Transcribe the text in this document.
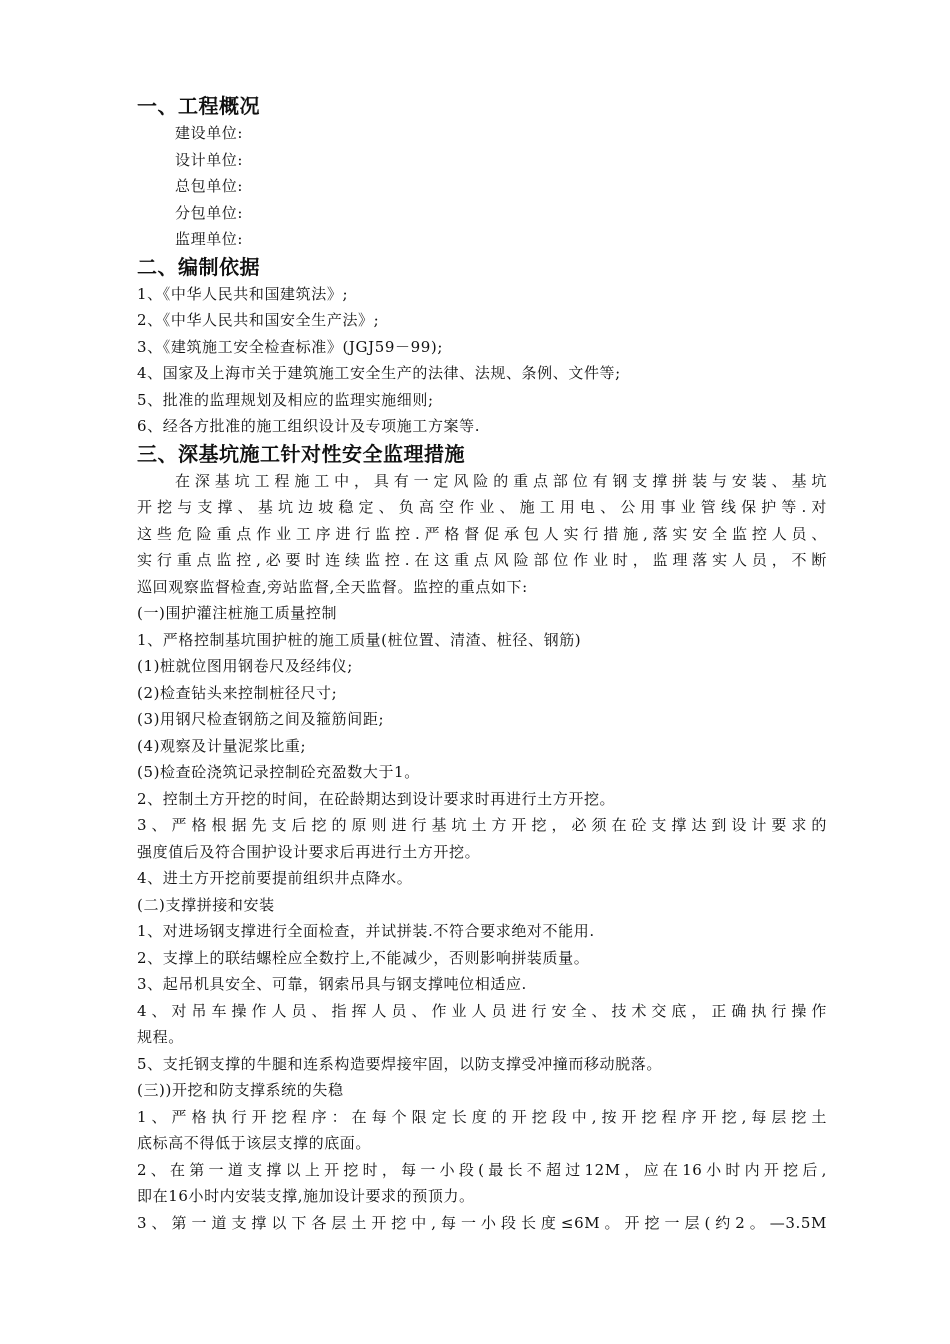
一、工程概况
建设单位:
设计单位:
总包单位:
分包单位:
监理单位:
二、编制依据
1、《中华人民共和国建筑法》;
2、《中华人民共和国安全生产法》;
3、《建筑施工安全检查标准》(JGJ59－99);
4、国家及上海市关于建筑施工安全生产的法律、法规、条例、文件等;
5、批准的监理规划及相应的监理实施细则;
6、经各方批准的施工组织设计及专项施工方案等.
三、深基坑施工针对性安全监理措施
在深基坑工程施工中，具有一定风险的重点部位有钢支撑拼装与安装、基坑
开挖与支撑、基坑边坡稳定、负高空作业、施工用电、公用事业管线保护等.对
这些危险重点作业工序进行监控.严格督促承包人实行措施,落实安全监控人员、
实行重点监控,必要时连续监控.在这重点风险部位作业时，监理落实人员，不断
巡回观察监督检查,旁站监督,全天监督。监控的重点如下:
(一)围护灌注桩施工质量控制
1、严格控制基坑围护桩的施工质量(桩位置、清渣、桩径、钢筋)
(1)桩就位图用钢卷尺及经纬仪;
(2)检查钻头来控制桩径尺寸;
(3)用钢尺检查钢筋之间及箍筋间距;
(4)观察及计量泥浆比重;
(5)检查砼浇筑记录控制砼充盈数大于1。
2、控制土方开挖的时间，在砼龄期达到设计要求时再进行土方开挖。
3、严格根据先支后挖的原则进行基坑土方开挖，必须在砼支撑达到设计要求的
强度值后及符合围护设计要求后再进行土方开挖。
4、进土方开挖前要提前组织井点降水。
(二)支撑拼接和安装
1、对进场钢支撑进行全面检查，并试拼装.不符合要求绝对不能用.
2、支撑上的联结螺栓应全数拧上,不能减少，否则影响拼装质量。
3、起吊机具安全、可靠，钢索吊具与钢支撑吨位相适应.
4、对吊车操作人员、指挥人员、作业人员进行安全、技术交底，正确执行操作
规程。
5、支托钢支撑的牛腿和连系构造要焊接牢固，以防支撑受冲撞而移动脱落。
(三))开挖和防支撑系统的失稳
1、严格执行开挖程序：在每个限定长度的开挖段中,按开挖程序开挖,每层挖土
底标高不得低于该层支撑的底面。
2、在第一道支撑以上开挖时，每一小段(最长不超过12M，应在16小时内开挖后,
即在16小时内安装支撑,施加设计要求的预顶力。
3、第一道支撑以下各层土开挖中,每一小段长度≤6M。开挖一层(约2。—3.5M
